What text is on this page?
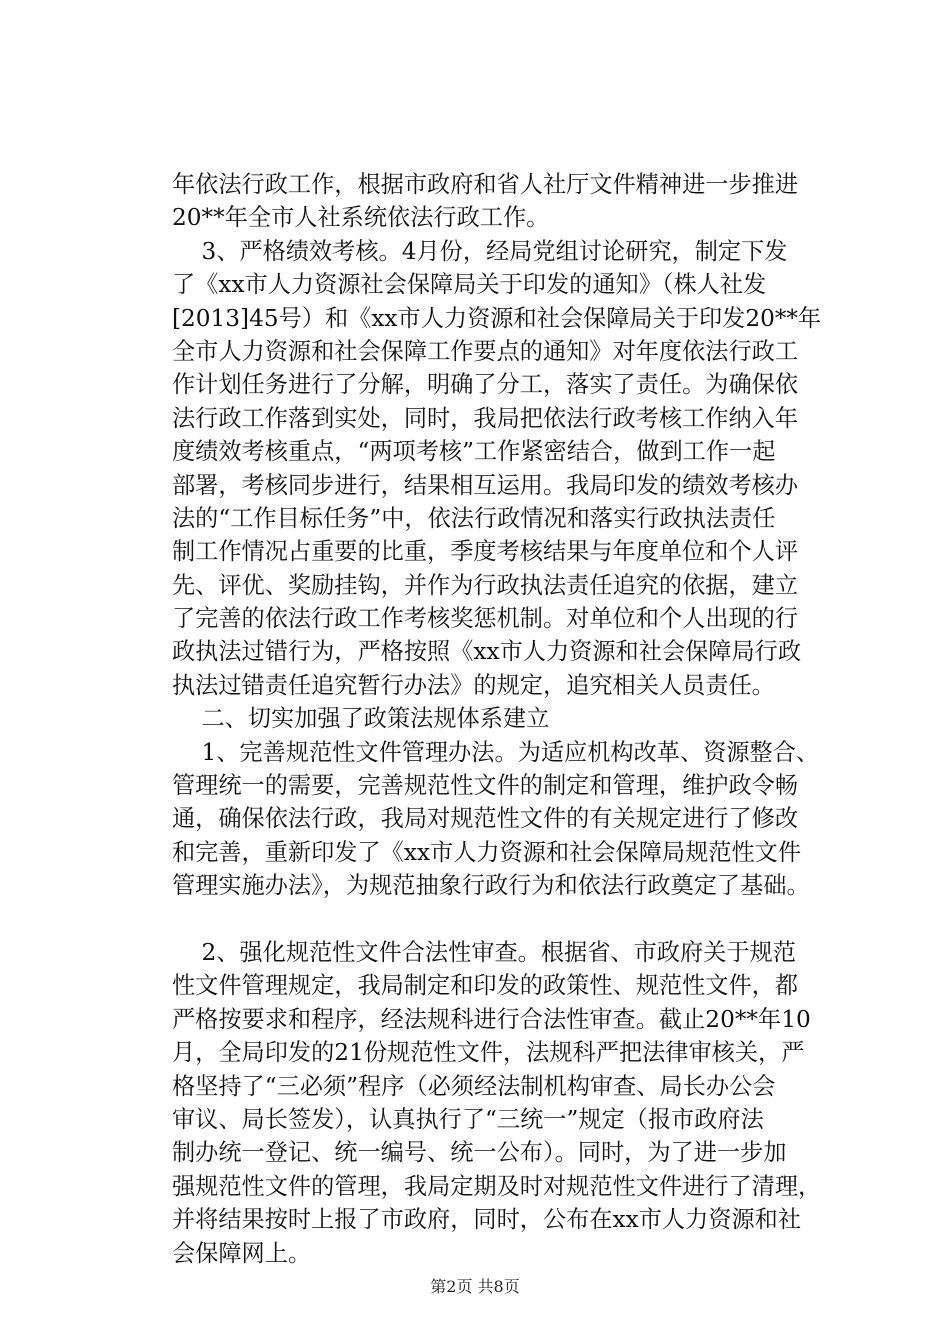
年依法行政工作，根据市政府和省人社厅文件精神进一步推进
20**年全市人社系统依法行政工作。
3、严格绩效考核。4月份，经局党组讨论研究，制定下发
了《xx市人力资源社会保障局关于印发的通知》（株人社发
[2013]45号）和《xx市人力资源和社会保障局关于印发20**年
全市人力资源和社会保障工作要点的通知》对年度依法行政工
作计划任务进行了分解，明确了分工，落实了责任。为确保依
法行政工作落到实处，同时，我局把依法行政考核工作纳入年
度绩效考核重点，“两项考核”工作紧密结合，做到工作一起
部署，考核同步进行，结果相互运用。我局印发的绩效考核办
法的“工作目标任务”中，依法行政情况和落实行政执法责任
制工作情况占重要的比重，季度考核结果与年度单位和个人评
先、评优、奖励挂钩，并作为行政执法责任追究的依据，建立
了完善的依法行政工作考核奖惩机制。对单位和个人出现的行
政执法过错行为，严格按照《xx市人力资源和社会保障局行政
执法过错责任追究暂行办法》的规定，追究相关人员责任。
二、切实加强了政策法规体系建立
1、完善规范性文件管理办法。为适应机构改革、资源整合、
管理统一的需要，完善规范性文件的制定和管理，维护政令畅
通，确保依法行政，我局对规范性文件的有关规定进行了修改
和完善，重新印发了《xx市人力资源和社会保障局规范性文件
管理实施办法》，为规范抽象行政行为和依法行政奠定了基础。
2、强化规范性文件合法性审查。根据省、市政府关于规范
性文件管理规定，我局制定和印发的政策性、规范性文件，都
严格按要求和程序，经法规科进行合法性审查。截止20**年10
月，全局印发的21份规范性文件，法规科严把法律审核关，严
格坚持了“三必须”程序（必须经法制机构审查、局长办公会
审议、局长签发），认真执行了“三统一”规定（报市政府法
制办统一登记、统一编号、统一公布）。同时，为了进一步加
强规范性文件的管理，我局定期及时对规范性文件进行了清理，
并将结果按时上报了市政府，同时，公布在xx市人力资源和社
会保障网上。
第2页 共8页
